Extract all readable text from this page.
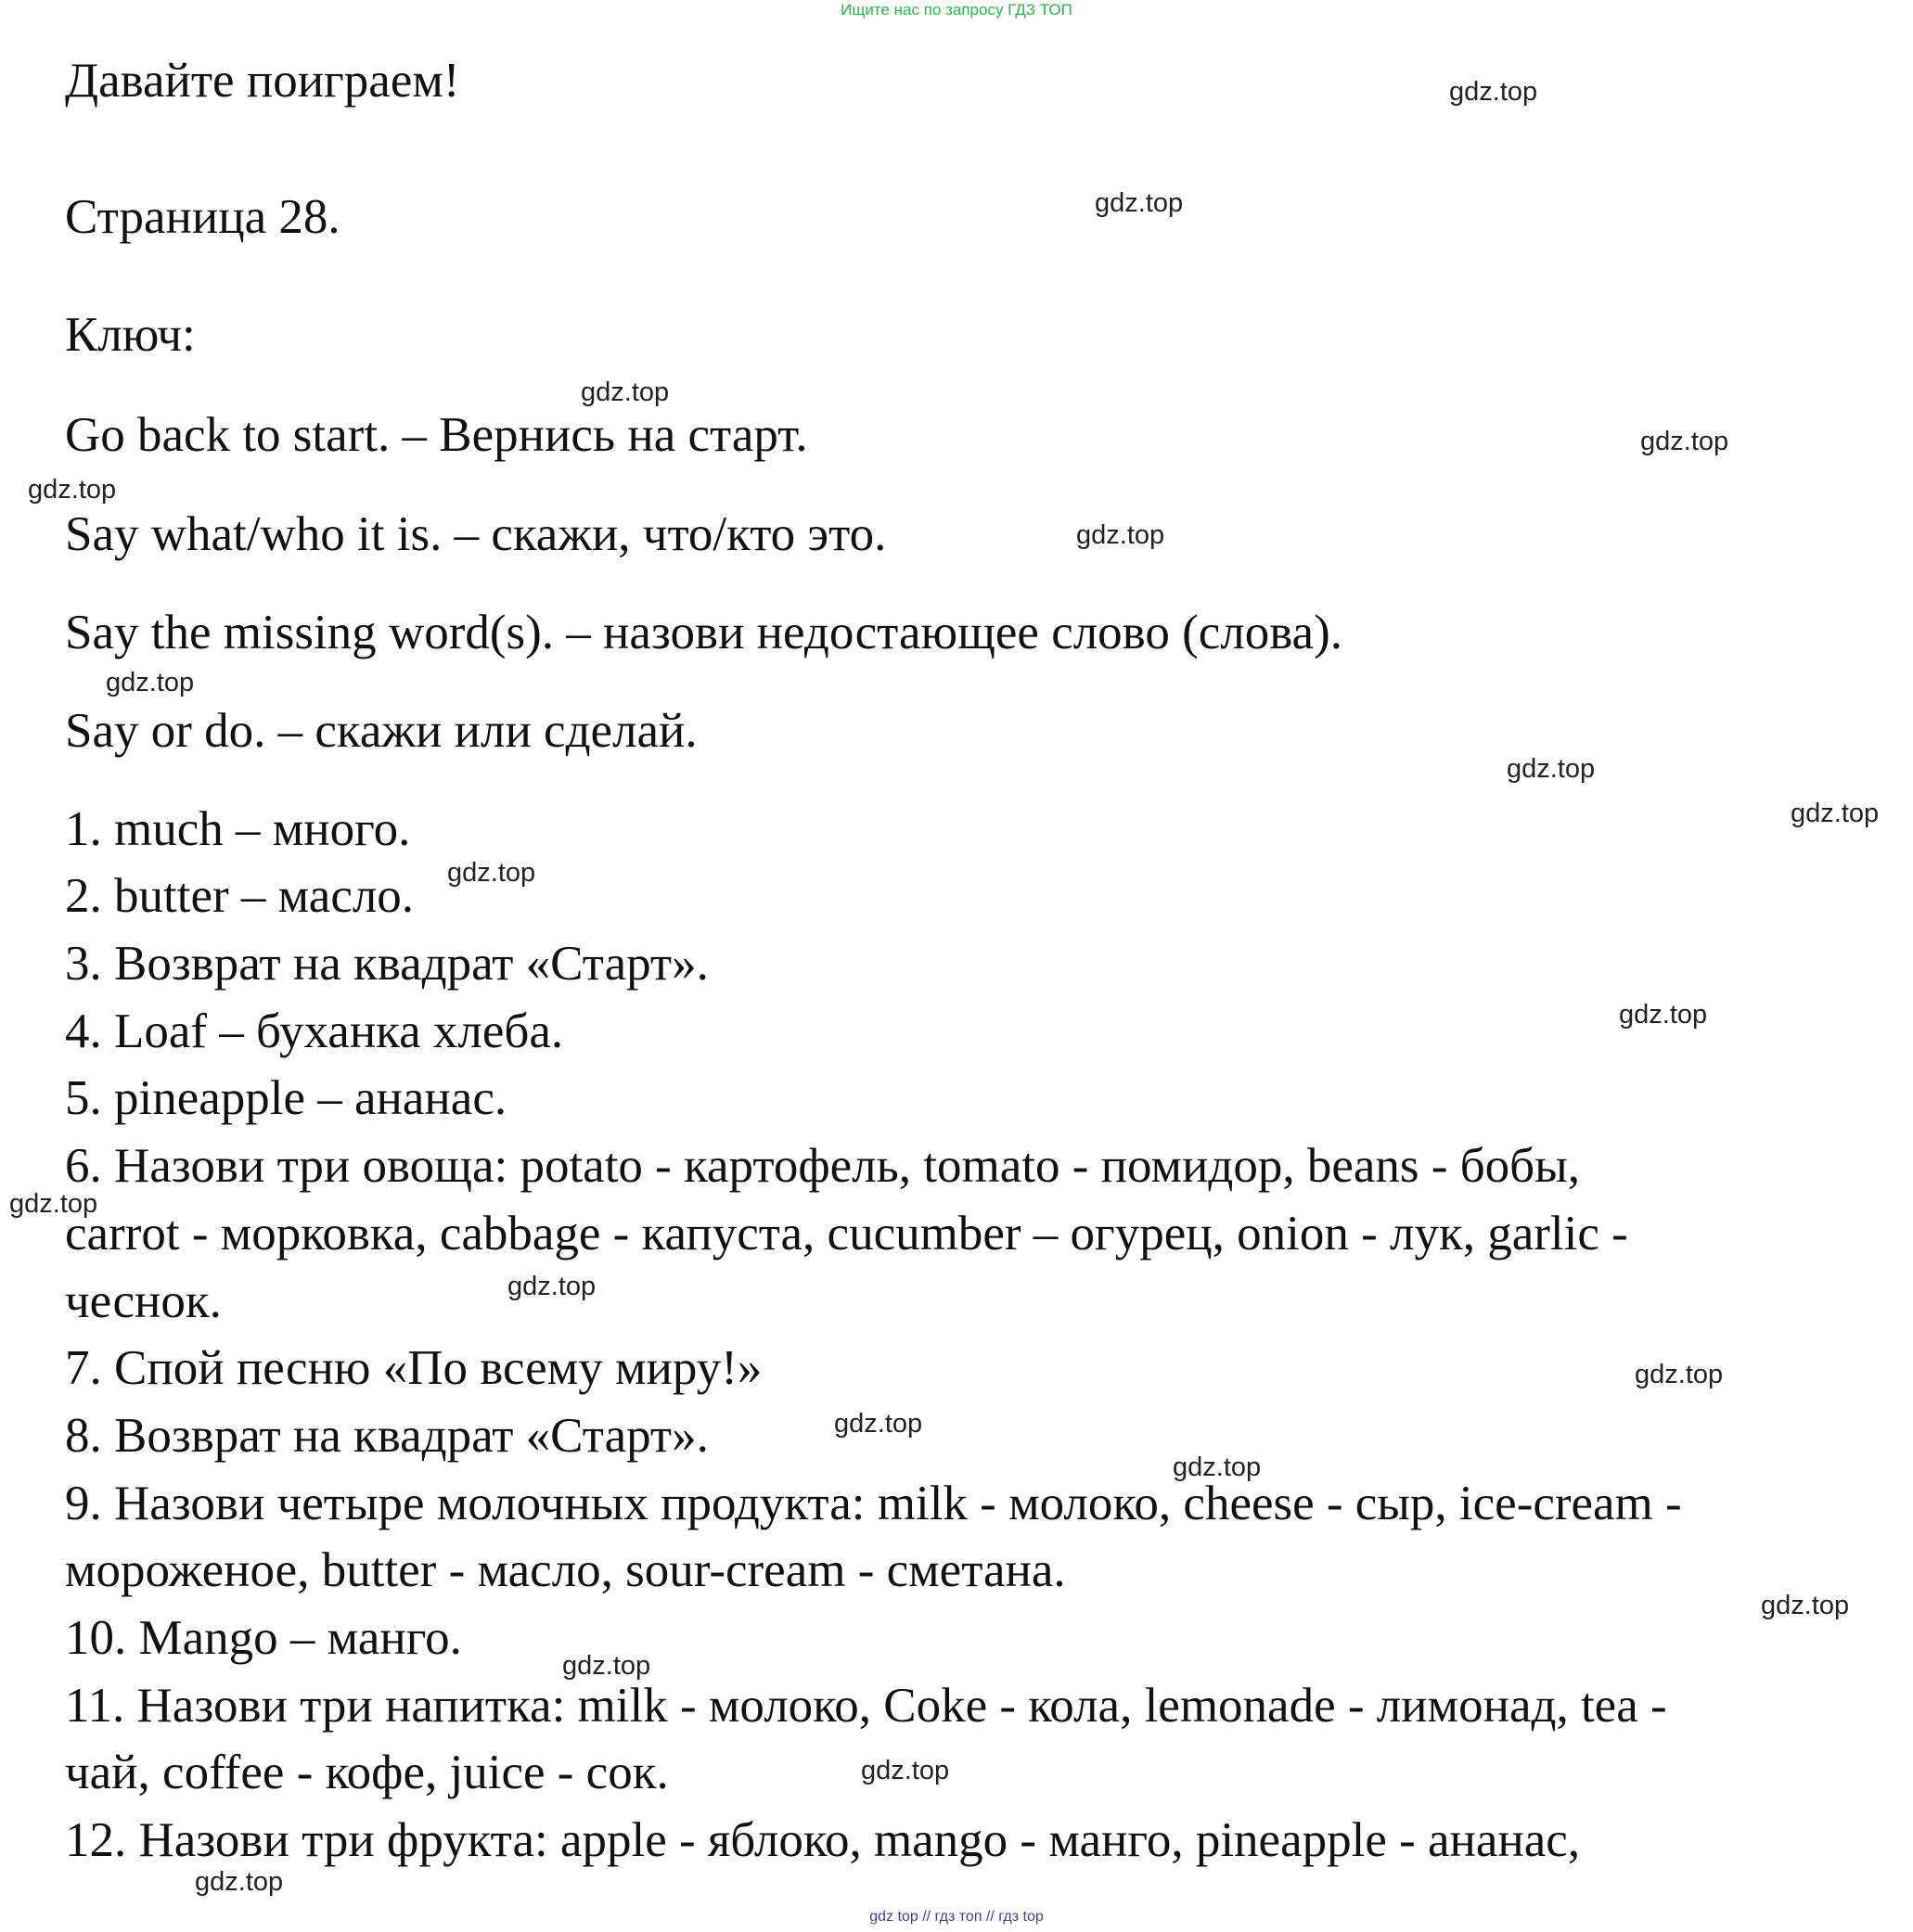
Ищите нас по запросу ГДЗ ТОП
Давайте поиграем!
Страница 28.
Ключ:
Go back to start. – Вернись на старт.
Say what/who it is. – скажи, что/кто это.
Say the missing word(s). – назови недостающее слово (слова).
Say or do. – скажи или сделай.
1. much – много.
2. butter – масло.
3. Возврат на квадрат «Старт».
4. Loaf – буханка хлеба.
5. pineapple – ананас.
6. Назови три овоща: potato - картофель, tomato - помидор, beans - бобы,
carrot - морковка, cabbage - капуста, cucumber – огурец, onion - лук, garlic -
чеснок.
7. Спой песню «По всему миру!»
8. Возврат на квадрат «Старт».
9. Назови четыре молочных продукта: milk - молоко, cheese - сыр, ice-cream -
мороженое, butter - масло, sour-cream - сметана.
10. Mango – манго.
11. Назови три напитка: milk - молоко, Coke - кола, lemonade - лимонад, tea -
чай, coffee - кофе, juice - сок.
12. Назови три фрукта: apple - яблоко, mango - манго, pineapple - ананас,
gdz.top
gdz.top
gdz.top
gdz.top
gdz.top
gdz.top
gdz.top
gdz.top
gdz.top
gdz.top
gdz.top
gdz.top
gdz.top
gdz.top
gdz.top
gdz.top
gdz.top
gdz.top
gdz.top
gdz.top
gdz top // гдз топ // гдз top
